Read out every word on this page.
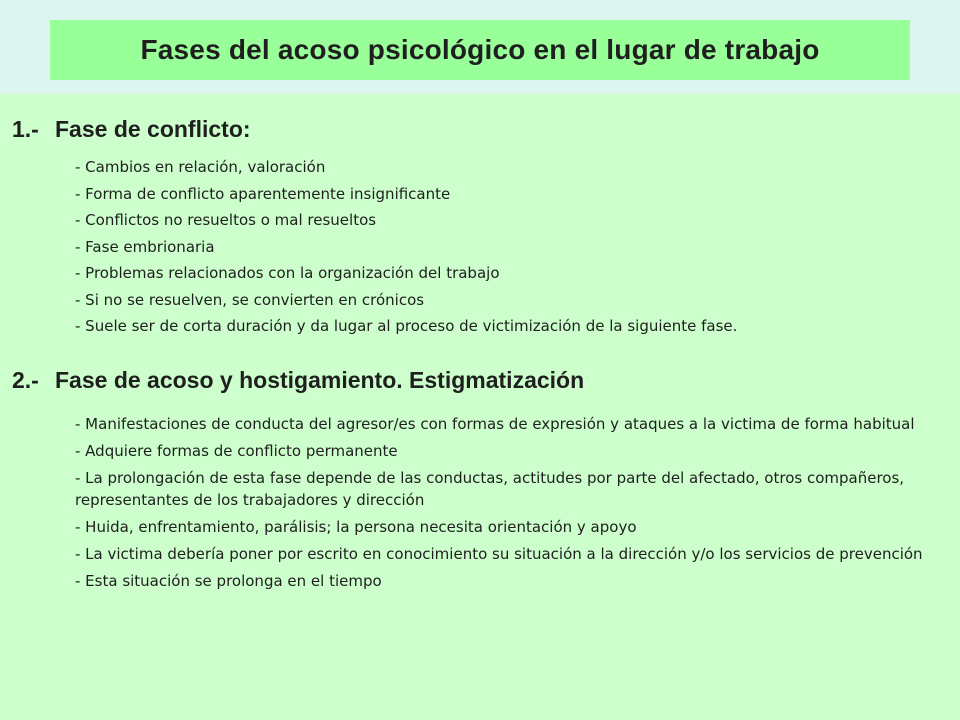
Fases del acoso psicológico en el lugar de trabajo
1.- Fase de conflicto:
- Cambios en relación, valoración
- Forma de conflicto aparentemente insignificante
- Conflictos no resueltos o mal resueltos
- Fase embrionaria
- Problemas relacionados con la organización del trabajo
- Si no se resuelven, se convierten en crónicos
- Suele ser de corta duración y da lugar al proceso de victimización de la siguiente fase.
2.- Fase de acoso y hostigamiento. Estigmatización
- Manifestaciones de conducta del agresor/es con formas de expresión y ataques a la victima de forma habitual
- Adquiere formas de conflicto permanente
- La prolongación de esta fase depende de las conductas, actitudes por parte del afectado, otros compañeros, representantes de los trabajadores y dirección
- Huida, enfrentamiento, parálisis; la persona necesita orientación y apoyo
- La victima debería poner por escrito en conocimiento su situación a la dirección y/o los servicios de prevención
- Esta situación se prolonga en el tiempo
